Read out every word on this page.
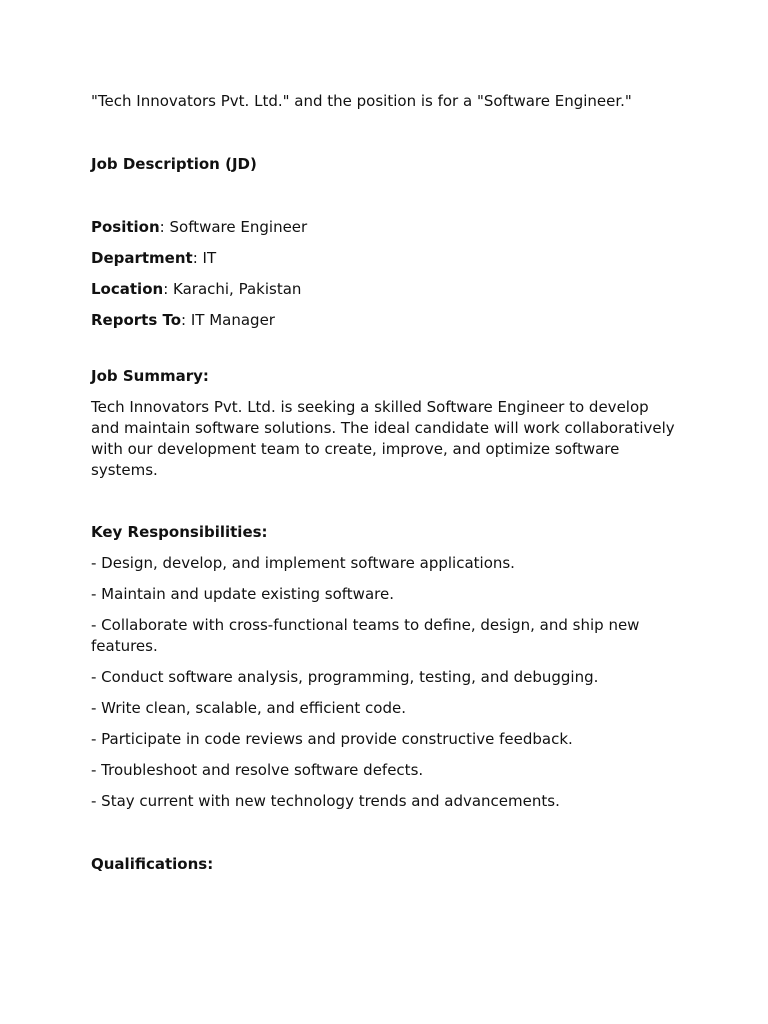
"Tech Innovators Pvt. Ltd." and the position is for a "Software Engineer."

Job Description (JD)

Position: Software Engineer

Department: IT

Location: Karachi, Pakistan

Reports To: IT Manager

Job Summary:

Tech Innovators Pvt. Ltd. is seeking a skilled Software Engineer to develop and maintain software solutions. The ideal candidate will work collaboratively with our development team to create, improve, and optimize software systems.

Key Responsibilities:

- Design, develop, and implement software applications.

- Maintain and update existing software.

- Collaborate with cross-functional teams to define, design, and ship new features.

- Conduct software analysis, programming, testing, and debugging.

- Write clean, scalable, and efficient code.

- Participate in code reviews and provide constructive feedback.

- Troubleshoot and resolve software defects.

- Stay current with new technology trends and advancements.

Qualifications:
